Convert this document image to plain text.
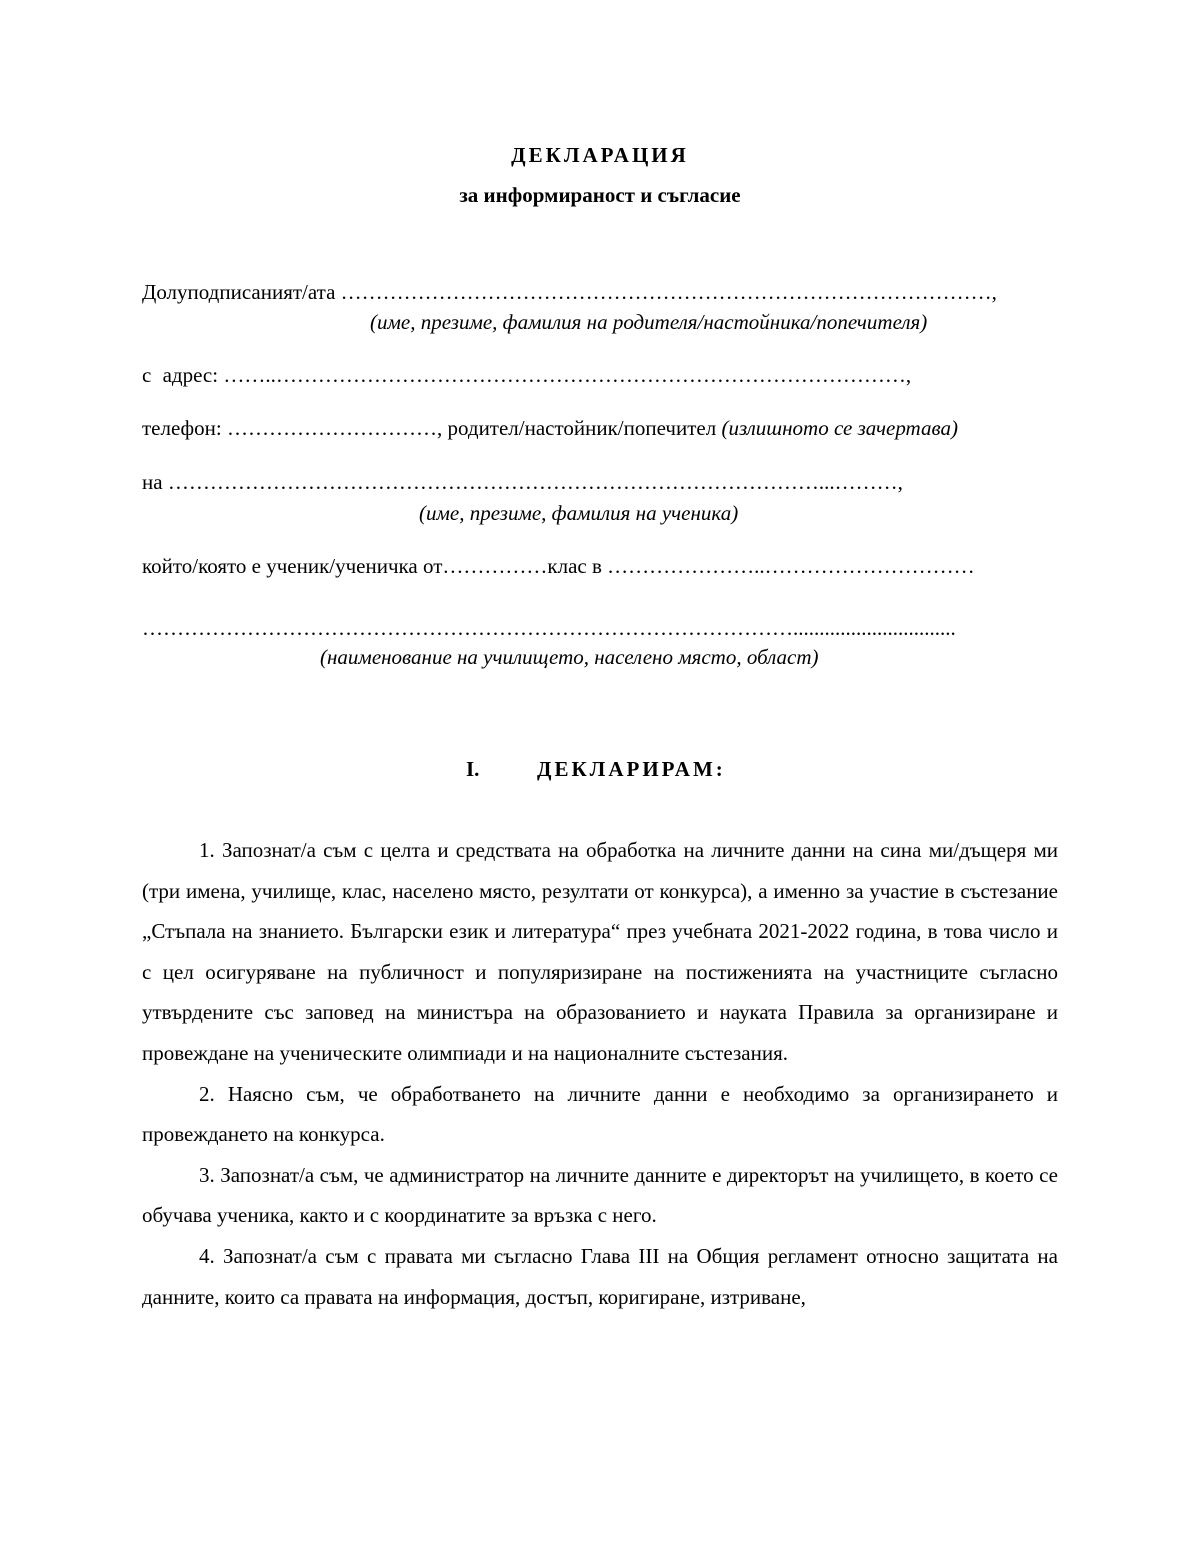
ДЕКЛАРАЦИЯ
за информираност и съгласие
Долуподписаният/ата …………………………………………………………………………………,
(име, презиме, фамилия на родителя/настойника/попечителя)
с адрес: ……..………………………………………………………………………………,
телефон: …………………………, родител/настойник/попечител (излишното се зачертава)
на …………………………………………………………………………………...………,
(име, презиме, фамилия на ученика)
който/която е ученик/ученичка от……………клас в …………………..…………………………
…………………………………………………………………………………...............................
(наименование на училището, населено място, област)
I.	ДЕКЛАРИРАМ:

1. Запознат/а съм с целта и средствата на обработка на личните данни на сина ми/дъщеря ми (три имена, училище, клас, населено място, резултати от конкурса), а именно за участие в състезание „Стъпала на знанието. Български език и литература“ през учебната 2021-2022 година, в това число и с цел осигуряване на публичност и популяризиране на постиженията на участниците съгласно утвърдените със заповед на министъра на образованието и науката Правила за организиране и провеждане на ученическите олимпиади и на националните състезания.

2. Наясно съм, че обработването на личните данни е необходимо за организирането и провеждането на конкурса.

3. Запознат/а съм, че администратор на личните данните е директорът на училището, в което се обучава ученика, както и с координатите за връзка с него.

4. Запознат/а съм с правата ми съгласно Глава III на Общия регламент относно защитата на данните, които са правата на информация, достъп, коригиране, изтриване,
